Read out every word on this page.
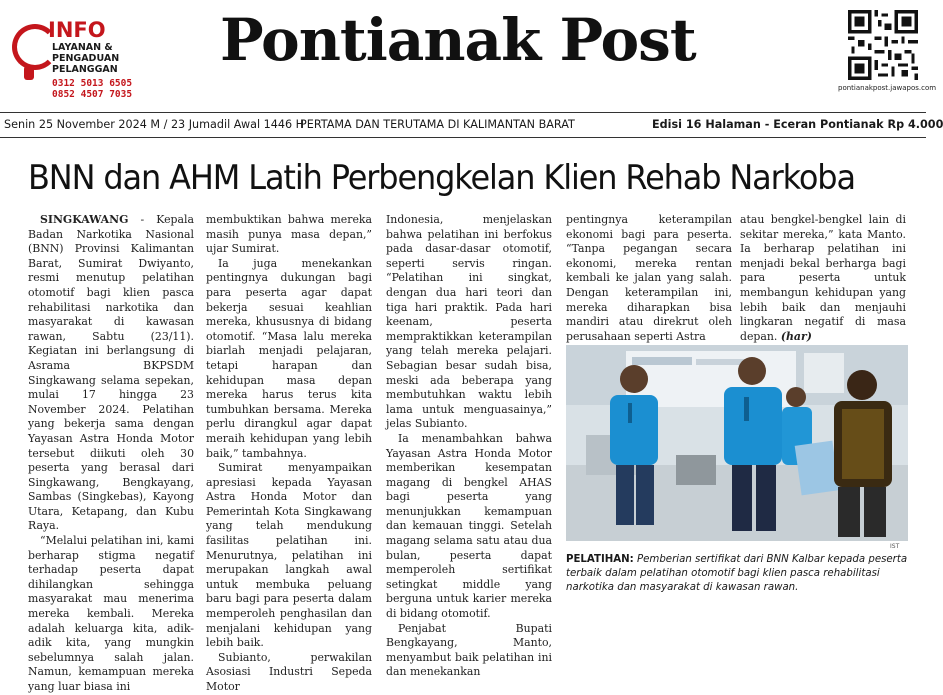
INFO
LAYANAN &
PENGADUAN
PELANGGAN
0312 5013 6505
0852 4507 7035
Pontianak Post
pontianakpost.jawapos.com
Senin 25 November 2024 M / 23 Jumadil Awal 1446 H
PERTAMA DAN TERUTAMA DI KALIMANTAN BARAT	Edisi 16 Halaman - Eceran Pontianak Rp 4.000
BNN dan AHM Latih Perbengkelan Klien Rehab Narkoba

SINGKAWANG - Kepala Badan Narkotika Nasional (BNN) Provinsi Kalimantan Barat, Sumirat Dwiyanto, resmi menutup pelatihan otomotif bagi klien pasca rehabilitasi narkotika dan masyarakat di kawasan rawan, Sabtu (23/11). Kegiatan ini berlangsung di Asrama BKPSDM Singkawang selama sepekan, mulai 17 hingga 23 November 2024. Pelatihan yang bekerja sama dengan Yayasan Astra Honda Motor tersebut diikuti oleh 30 peserta yang berasal dari Singkawang, Bengkayang, Sambas (Singkebas), Kayong Utara, Ketapang, dan Kubu Raya.

“Melalui pelatihan ini, kami berharap stigma negatif terhadap peserta dapat dihilangkan sehingga masyarakat mau menerima mereka kembali. Mereka adalah keluarga kita, adik-adik kita, yang mungkin sebelumnya salah jalan. Namun, kemampuan mereka yang luar biasa ini

membuktikan bahwa mereka masih punya masa depan,” ujar Sumirat.

Ia juga menekankan pentingnya dukungan bagi para peserta agar dapat bekerja sesuai keahlian mereka, khususnya di bidang otomotif. “Masa lalu mereka biarlah menjadi pelajaran, tetapi harapan dan kehidupan masa depan mereka harus terus kita tumbuhkan bersama. Mereka perlu dirangkul agar dapat meraih kehidupan yang lebih baik,” tambahnya.

Sumirat menyampaikan apresiasi kepada Yayasan Astra Honda Motor dan Pemerintah Kota Singkawang yang telah mendukung fasilitas pelatihan ini. Menurutnya, pelatihan ini merupakan langkah awal untuk membuka peluang baru bagi para peserta dalam memperoleh penghasilan dan menjalani kehidupan yang lebih baik.

Subianto, perwakilan Asosiasi Industri Sepeda Motor

Indonesia, menjelaskan bahwa pelatihan ini berfokus pada dasar-dasar otomotif, seperti servis ringan. “Pelatihan ini singkat, dengan dua hari teori dan tiga hari praktik. Pada hari keenam, peserta mempraktikkan keterampilan yang telah mereka pelajari. Sebagian besar sudah bisa, meski ada beberapa yang membutuhkan waktu lebih lama untuk menguasainya,” jelas Subianto.

Ia menambahkan bahwa Yayasan Astra Honda Motor memberikan kesempatan magang di bengkel AHAS bagi peserta yang menunjukkan kemampuan dan kemauan tinggi. Setelah magang selama satu atau dua bulan, peserta dapat memperoleh sertifikat setingkat middle yang berguna untuk karier mereka di bidang otomotif.

Penjabat Bupati Bengkayang, Manto, menyambut baik pelatihan ini dan menekankan

pentingnya keterampilan ekonomi bagi para peserta. “Tanpa pegangan secara ekonomi, mereka rentan kembali ke jalan yang salah. Dengan keterampilan ini, mereka diharapkan bisa mandiri atau direkrut oleh perusahaan seperti Astra

atau bengkel-bengkel lain di sekitar mereka,” kata Manto. Ia berharap pelatihan ini menjadi bekal berharga bagi para peserta untuk membangun kehidupan yang lebih baik dan menjauhi lingkaran negatif di masa depan. (har)

IST
PELATIHAN: Pemberian sertifikat dari BNN Kalbar kepada peserta terbaik dalam pelatihan otomotif bagi klien pasca rehabilitasi narkotika dan masyarakat di kawasan rawan.
